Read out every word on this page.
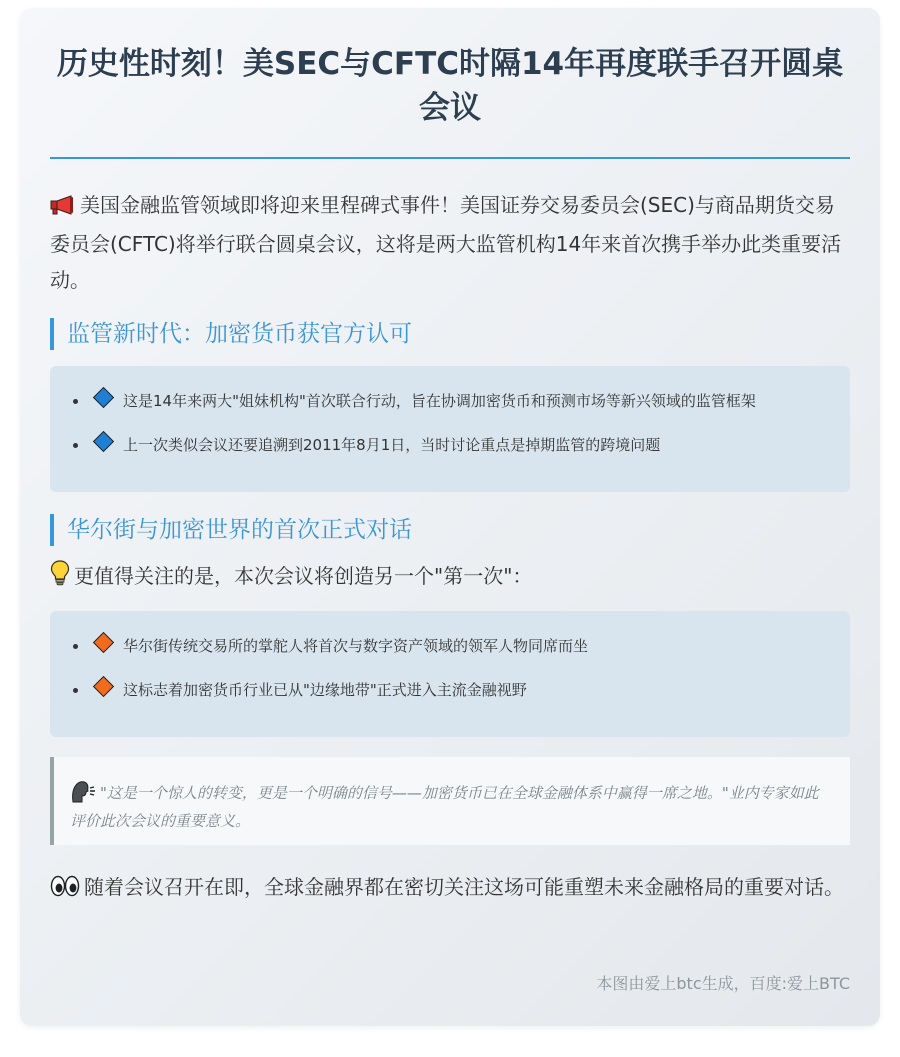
历史性时刻！美SEC与CFTC时隔14年再度联手召开圆桌会议

美国金融监管领域即将迎来里程碑式事件！美国证券交易委员会(SEC)与商品期货交易委员会(CFTC)将举行联合圆桌会议，这将是两大监管机构14年来首次携手举办此类重要活动。

监管新时代：加密货币获官方认可
这是14年来两大"姐妹机构"首次联合行动，旨在协调加密货币和预测市场等新兴领域的监管框架
上一次类似会议还要追溯到2011年8月1日，当时讨论重点是掉期监管的跨境问题
华尔街与加密世界的首次正式对话

更值得关注的是，本次会议将创造另一个"第一次"：

华尔街传统交易所的掌舵人将首次与数字资产领域的领军人物同席而坐
这标志着加密货币行业已从"边缘地带"正式进入主流金融视野
"这是一个惊人的转变，更是一个明确的信号——加密货币已在全球金融体系中赢得一席之地。"业内专家如此评价此次会议的重要意义。

随着会议召开在即，全球金融界都在密切关注这场可能重塑未来金融格局的重要对话。

本图由爱上btc生成，百度:爱上BTC
